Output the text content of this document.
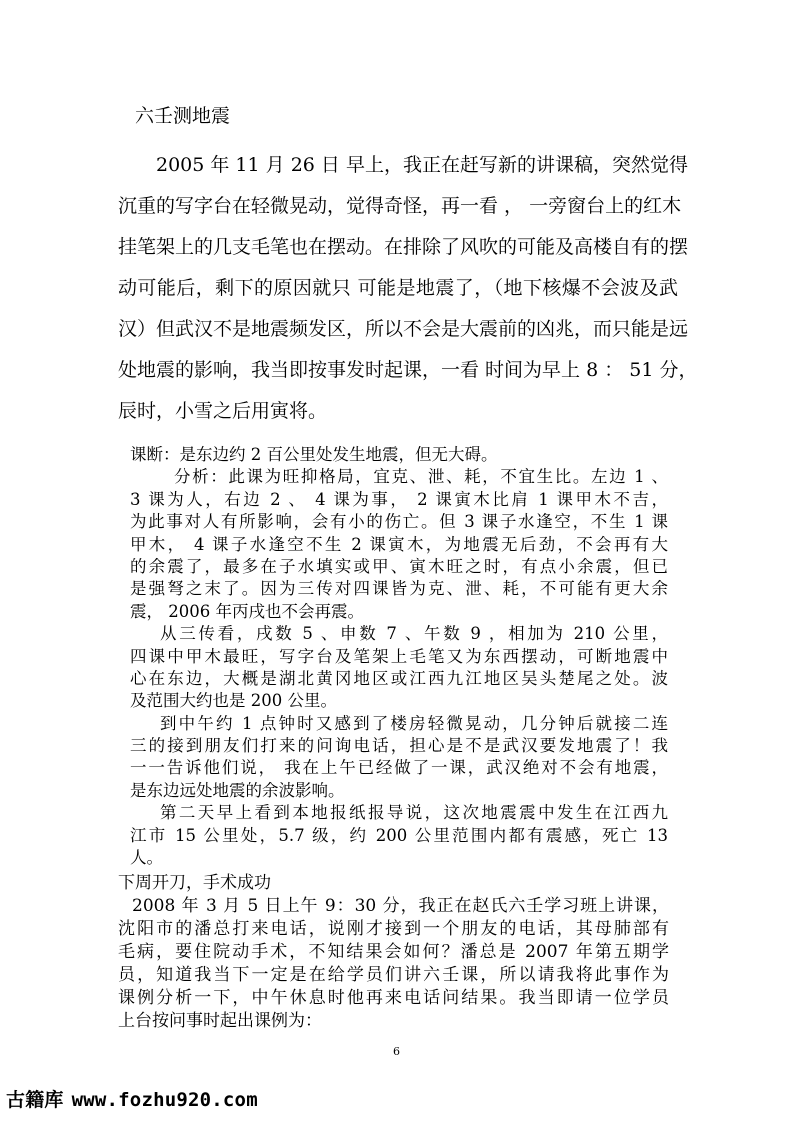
六壬测地震
2005 年 11 月 26 日 早上，我正在赶写新的讲课稿，突然觉得
沉重的写字台在轻微晃动，觉得奇怪，再一看 ， 一旁窗台上的红木
挂笔架上的几支毛笔也在摆动。在排除了风吹的可能及高楼自有的摆
动可能后，剩下的原因就只 可能是地震了，（地下核爆不会波及武
汉）但武汉不是地震频发区，所以不会是大震前的凶兆，而只能是远
处地震的影响，我当即按事发时起课，一看 时间为早上 8 ： 51 分，
辰时，小雪之后用寅将。
课断：是东边约 2 百公里处发生地震，但无大碍。
分析：此课为旺抑格局，宜克、泄、耗，不宜生比。左边 1 、
3 课为人，右边 2 、 4 课为事， 2 课寅木比肩 1 课甲木不吉，
为此事对人有所影响，会有小的伤亡。但 3 课子水逢空，不生 1 课
甲木， 4 课子水逢空不生 2 课寅木，为地震无后劲，不会再有大
的余震了，最多在子水填实或甲、寅木旺之时，有点小余震，但已
是强弩之末了。因为三传对四课皆为克、泄、耗，不可能有更大余
震， 2006 年丙戌也不会再震。
从三传看，戌数 5 、申数 7 、午数 9 ，相加为 210 公里，
四课中甲木最旺，写字台及笔架上毛笔又为东西摆动，可断地震中
心在东边，大概是湖北黄冈地区或江西九江地区吴头楚尾之处。波
及范围大约也是 200 公里。
到中午约 1 点钟时又感到了楼房轻微晃动，几分钟后就接二连
三的接到朋友们打来的问询电话，担心是不是武汉要发地震了！我
一一告诉他们说， 我在上午已经做了一课，武汉绝对不会有地震，
是东边远处地震的余波影响。
第二天早上看到本地报纸报导说，这次地震震中发生在江西九
江市 15 公里处，5.7 级，约 200 公里范围内都有震感，死亡 13
人。
下周开刀，手术成功
2008 年 3 月 5 日上午 9：30 分，我正在赵氏六壬学习班上讲课，
沈阳市的潘总打来电话，说刚才接到一个朋友的电话，其母肺部有
毛病，要住院动手术，不知结果会如何？潘总是 2007 年第五期学
员，知道我当下一定是在给学员们讲六壬课，所以请我将此事作为
课例分析一下，中午休息时他再来电话问结果。我当即请一位学员
上台按问事时起出课例为：
6
古籍库 www.fozhu920.com
